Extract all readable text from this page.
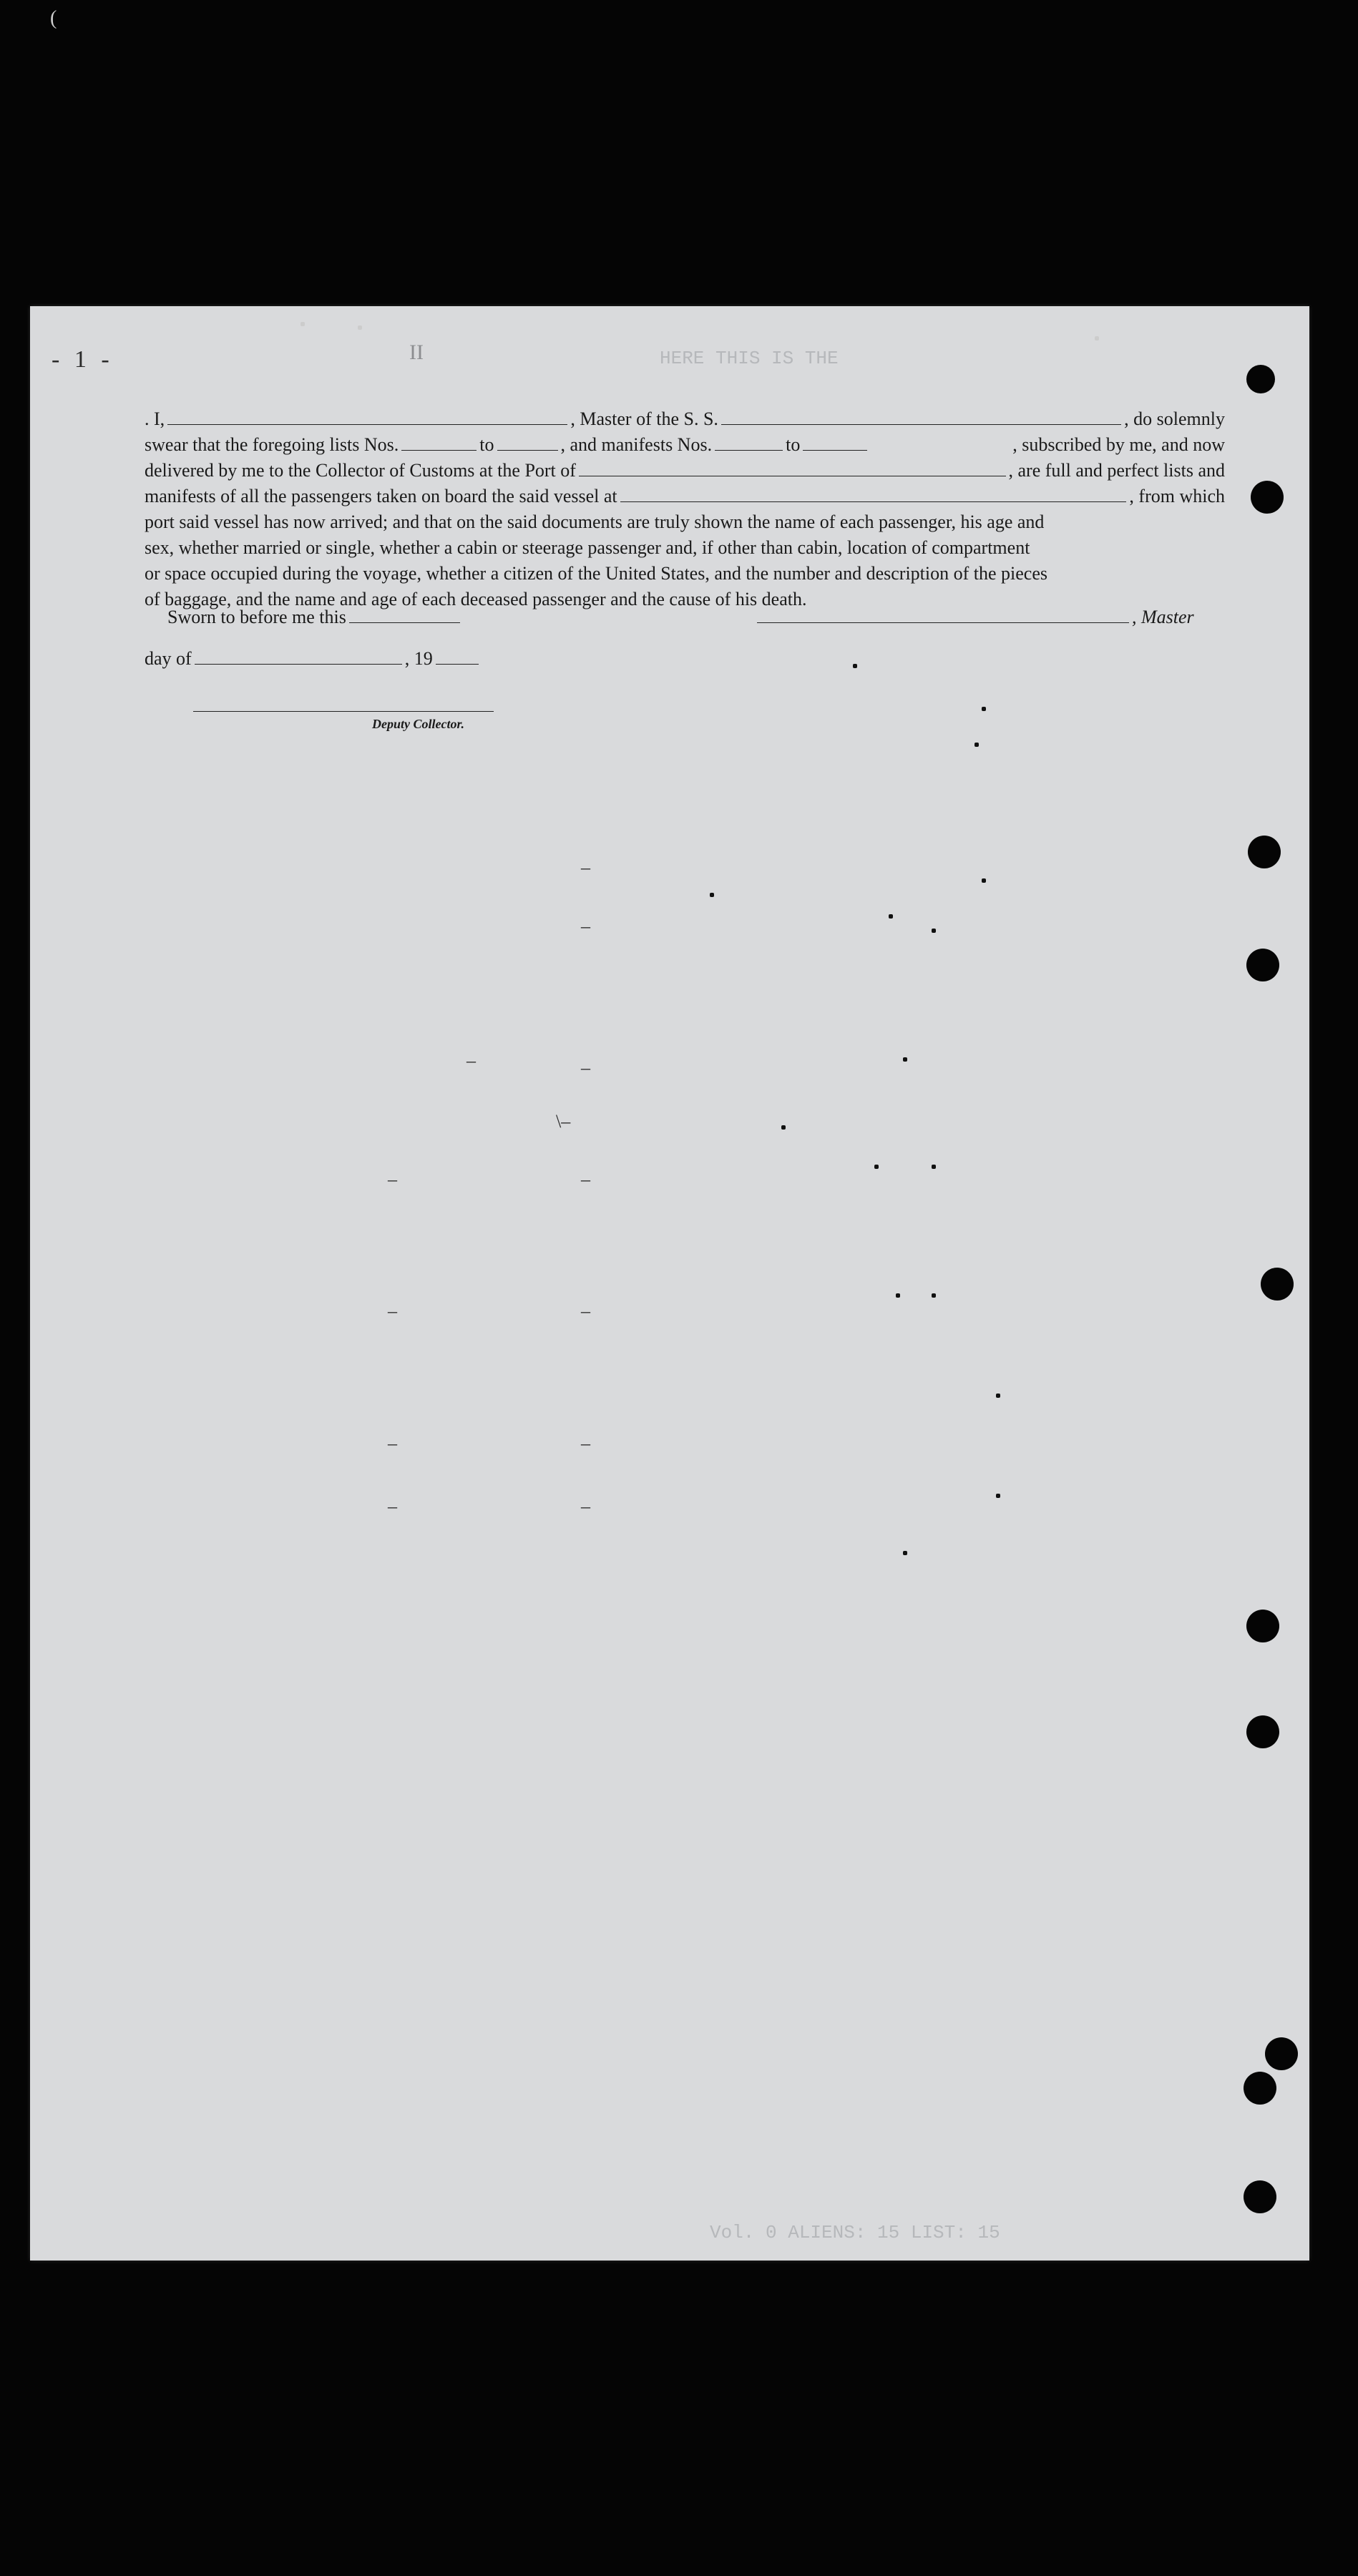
(
- 1 -	II	HERE THIS IS THE
. I,	, Master of the S. S.	, do solemnly
swear that the foregoing lists Nos.	to	, and manifests Nos.	to	, subscribed by me, and now
delivered by me to the Collector of Customs at the Port of	, are full and perfect lists and
manifests of all the passengers taken on board the said vessel at	, from which
port said vessel has now arrived; and that on the said documents are truly shown the name of each passenger, his age and
sex, whether married or single, whether a cabin or steerage passenger and, if other than cabin, location of compartment
or space occupied during the voyage, whether a citizen of the United States, and the number and description of the pieces
of baggage, and the name and age of each deceased passenger and the cause of his death.
Sworn to before me this	, Master
day of	, 19
Deputy Collector.
–
–
–
–
\–
–	–
–	–
–	–
–	–
Vol. 0 ALIENS: 15 LIST: 15
